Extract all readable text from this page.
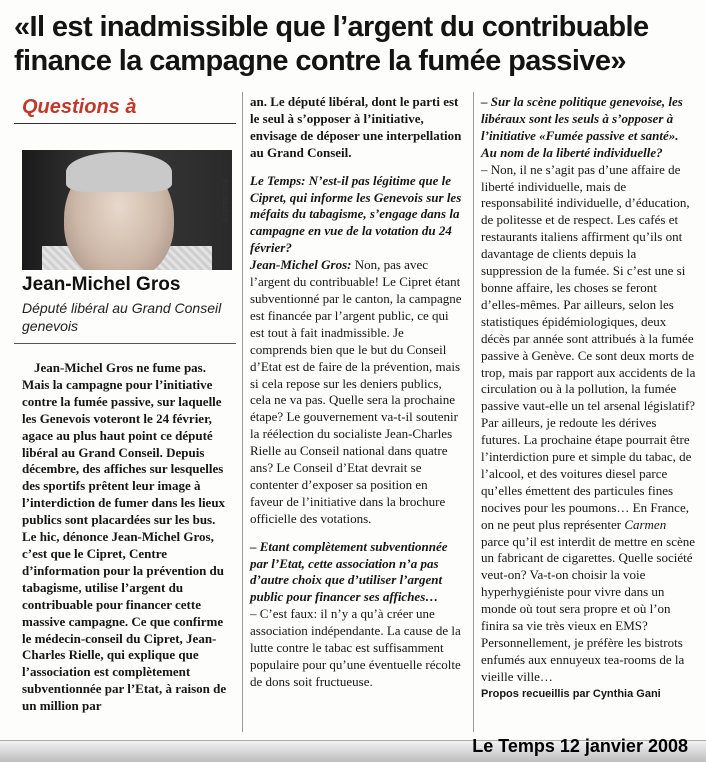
«Il est inadmissible que l’argent du contribuable finance la campagne contre la fumée passive»
Questions à
EDIPRESSE
Jean-Michel Gros
Député libéral au Grand Conseil genevois

Jean-Michel Gros ne fume pas. Mais la campagne pour l’initiative contre la fumée passive, sur laquelle les Genevois voteront le 24 février, agace au plus haut point ce député libéral au Grand Conseil. Depuis décembre, des affiches sur lesquelles des sportifs prêtent leur image à l’interdiction de fumer dans les lieux publics sont placardées sur les bus. Le hic, dénonce Jean-Michel Gros, c’est que le Cipret, Centre d’information pour la prévention du tabagisme, utilise l’argent du contribuable pour financer cette massive campagne. Ce que confirme le médecin-conseil du Cipret, Jean-Charles Rielle, qui explique que l’association est complètement subventionnée par l’Etat, à raison de un million par

an. Le député libéral, dont le parti est le seul à s’opposer à l’initiative, envisage de déposer une interpellation au Grand Conseil.

Le Temps: N’est-il pas légitime que le Cipret, qui informe les Genevois sur les méfaits du tabagisme, s’engage dans la campagne en vue de la votation du 24 février?

Jean-Michel Gros: Non, pas avec l’argent du contribuable! Le Cipret étant subventionné par le canton, la campagne est financée par l’argent public, ce qui est tout à fait inadmissible. Je comprends bien que le but du Conseil d’Etat est de faire de la prévention, mais si cela repose sur les deniers publics, cela ne va pas. Quelle sera la prochaine étape? Le gouvernement va-t-il soutenir la réélection du socialiste Jean-Charles Rielle au Conseil national dans quatre ans? Le Conseil d’Etat devrait se contenter d’exposer sa position en faveur de l’initiative dans la brochure officielle des votations.

– Etant complètement subventionnée par l’Etat, cette association n’a pas d’autre choix que d’utiliser l’argent public pour financer ses affiches…

– C’est faux: il n’y a qu’à créer une association indépendante. La cause de la lutte contre le tabac est suffisamment populaire pour qu’une éventuelle récolte de dons soit fructueuse.

– Sur la scène politique genevoise, les libéraux sont les seuls à s’opposer à l’initiative «Fumée passive et santé». Au nom de la liberté individuelle?

– Non, il ne s’agit pas d’une affaire de liberté individuelle, mais de responsabilité individuelle, d’éducation, de politesse et de respect. Les cafés et restaurants italiens affirment qu’ils ont davantage de clients depuis la suppression de la fumée. Si c’est une si bonne affaire, les choses se feront d’elles-mêmes. Par ailleurs, selon les statistiques épidémiologiques, deux décès par année sont attribués à la fumée passive à Genève. Ce sont deux morts de trop, mais par rapport aux accidents de la circulation ou à la pollution, la fumée passive vaut-elle un tel arsenal législatif? Par ailleurs, je redoute les dérives futures. La prochaine étape pourrait être l’interdiction pure et simple du tabac, de l’alcool, et des voitures diesel parce qu’elles émettent des particules fines nocives pour les poumons… En France, on ne peut plus représenter Carmen parce qu’il est interdit de mettre en scène un fabricant de cigarettes. Quelle société veut-on? Va-t-on choisir la voie hyperhygiéniste pour vivre dans un monde où tout sera propre et où l’on finira sa vie très vieux en EMS? Personnellement, je préfère les bistrots enfumés aux ennuyeux tea-rooms de la vieille ville…

Propos recueillis par Cynthia Gani

Le Temps 12 janvier 2008
